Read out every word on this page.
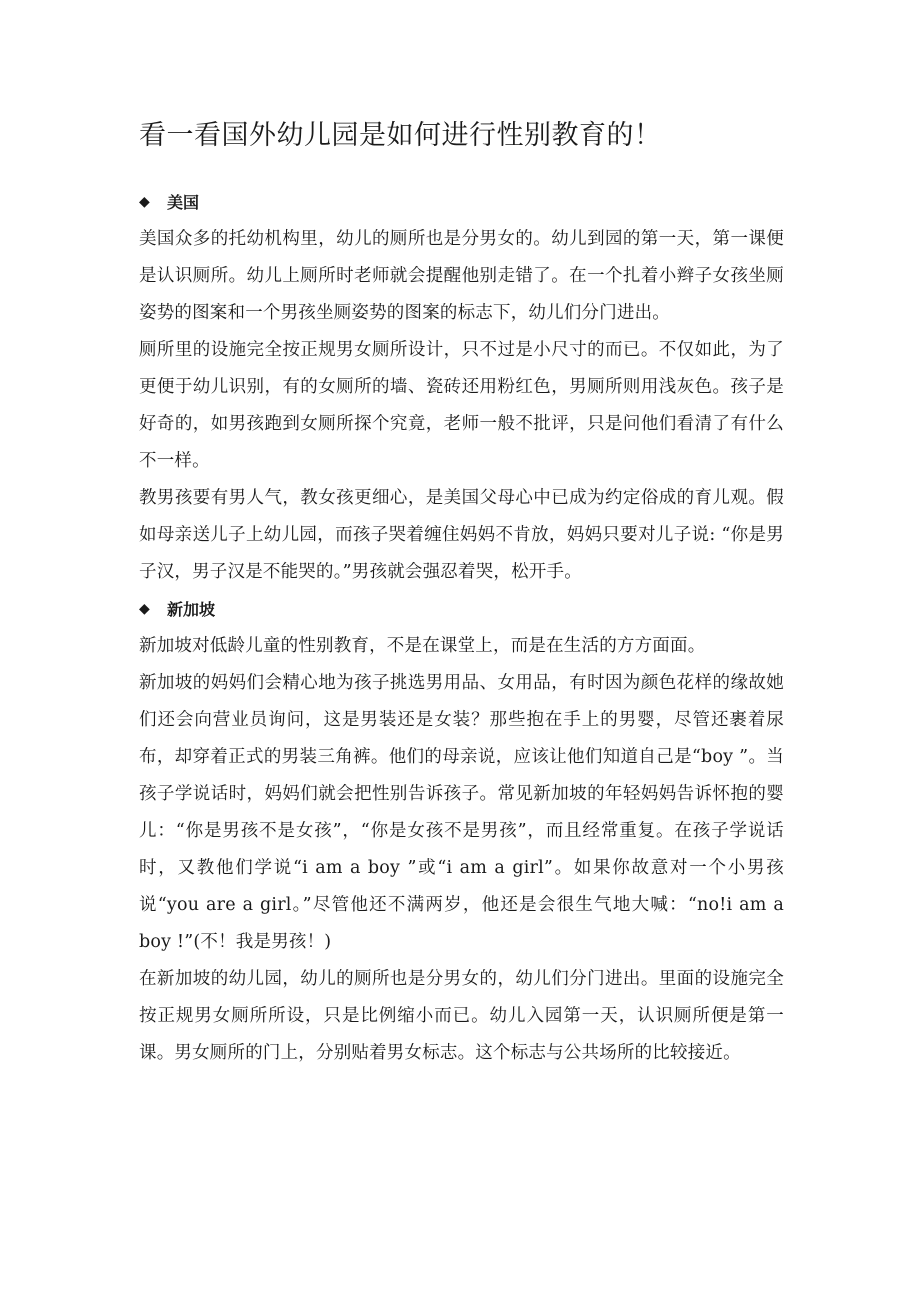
看一看国外幼儿园是如何进行性别教育的！
◆	美国

美国众多的托幼机构里，幼儿的厕所也是分男女的。幼儿到园的第一天，第一课便是认识厕所。幼儿上厕所时老师就会提醒他别走错了。在一个扎着小辫子女孩坐厕姿势的图案和一个男孩坐厕姿势的图案的标志下，幼儿们分门进出。

厕所里的设施完全按正规男女厕所设计，只不过是小尺寸的而已。不仅如此，为了更便于幼儿识别，有的女厕所的墙、瓷砖还用粉红色，男厕所则用浅灰色。孩子是好奇的，如男孩跑到女厕所探个究竟，老师一般不批评，只是问他们看清了有什么不一样。

教男孩要有男人气，教女孩更细心，是美国父母心中已成为约定俗成的育儿观。假如母亲送儿子上幼儿园，而孩子哭着缠住妈妈不肯放，妈妈只要对儿子说: “你是男子汉，男子汉是不能哭的。”男孩就会强忍着哭，松开手。

◆	新加坡

新加坡对低龄儿童的性别教育，不是在课堂上，而是在生活的方方面面。

新加坡的妈妈们会精心地为孩子挑选男用品、女用品，有时因为颜色花样的缘故她们还会向营业员询问，这是男装还是女装？那些抱在手上的男婴，尽管还裹着尿布，却穿着正式的男装三角裤。他们的母亲说，应该让他们知道自己是“boy ”。当孩子学说话时，妈妈们就会把性别告诉孩子。常见新加坡的年轻妈妈告诉怀抱的婴儿：“你是男孩不是女孩”，“你是女孩不是男孩”，而且经常重复。在孩子学说话时，又教他们学说“i am a boy ”或“i am a girl”。如果你故意对一个小男孩说“you are a girl。”尽管他还不满两岁，他还是会很生气地大喊：“no!i am a boy !”(不！我是男孩！)

在新加坡的幼儿园，幼儿的厕所也是分男女的，幼儿们分门进出。里面的设施完全按正规男女厕所所设，只是比例缩小而已。幼儿入园第一天，认识厕所便是第一课。男女厕所的门上，分别贴着男女标志。这个标志与公共场所的比较接近。
